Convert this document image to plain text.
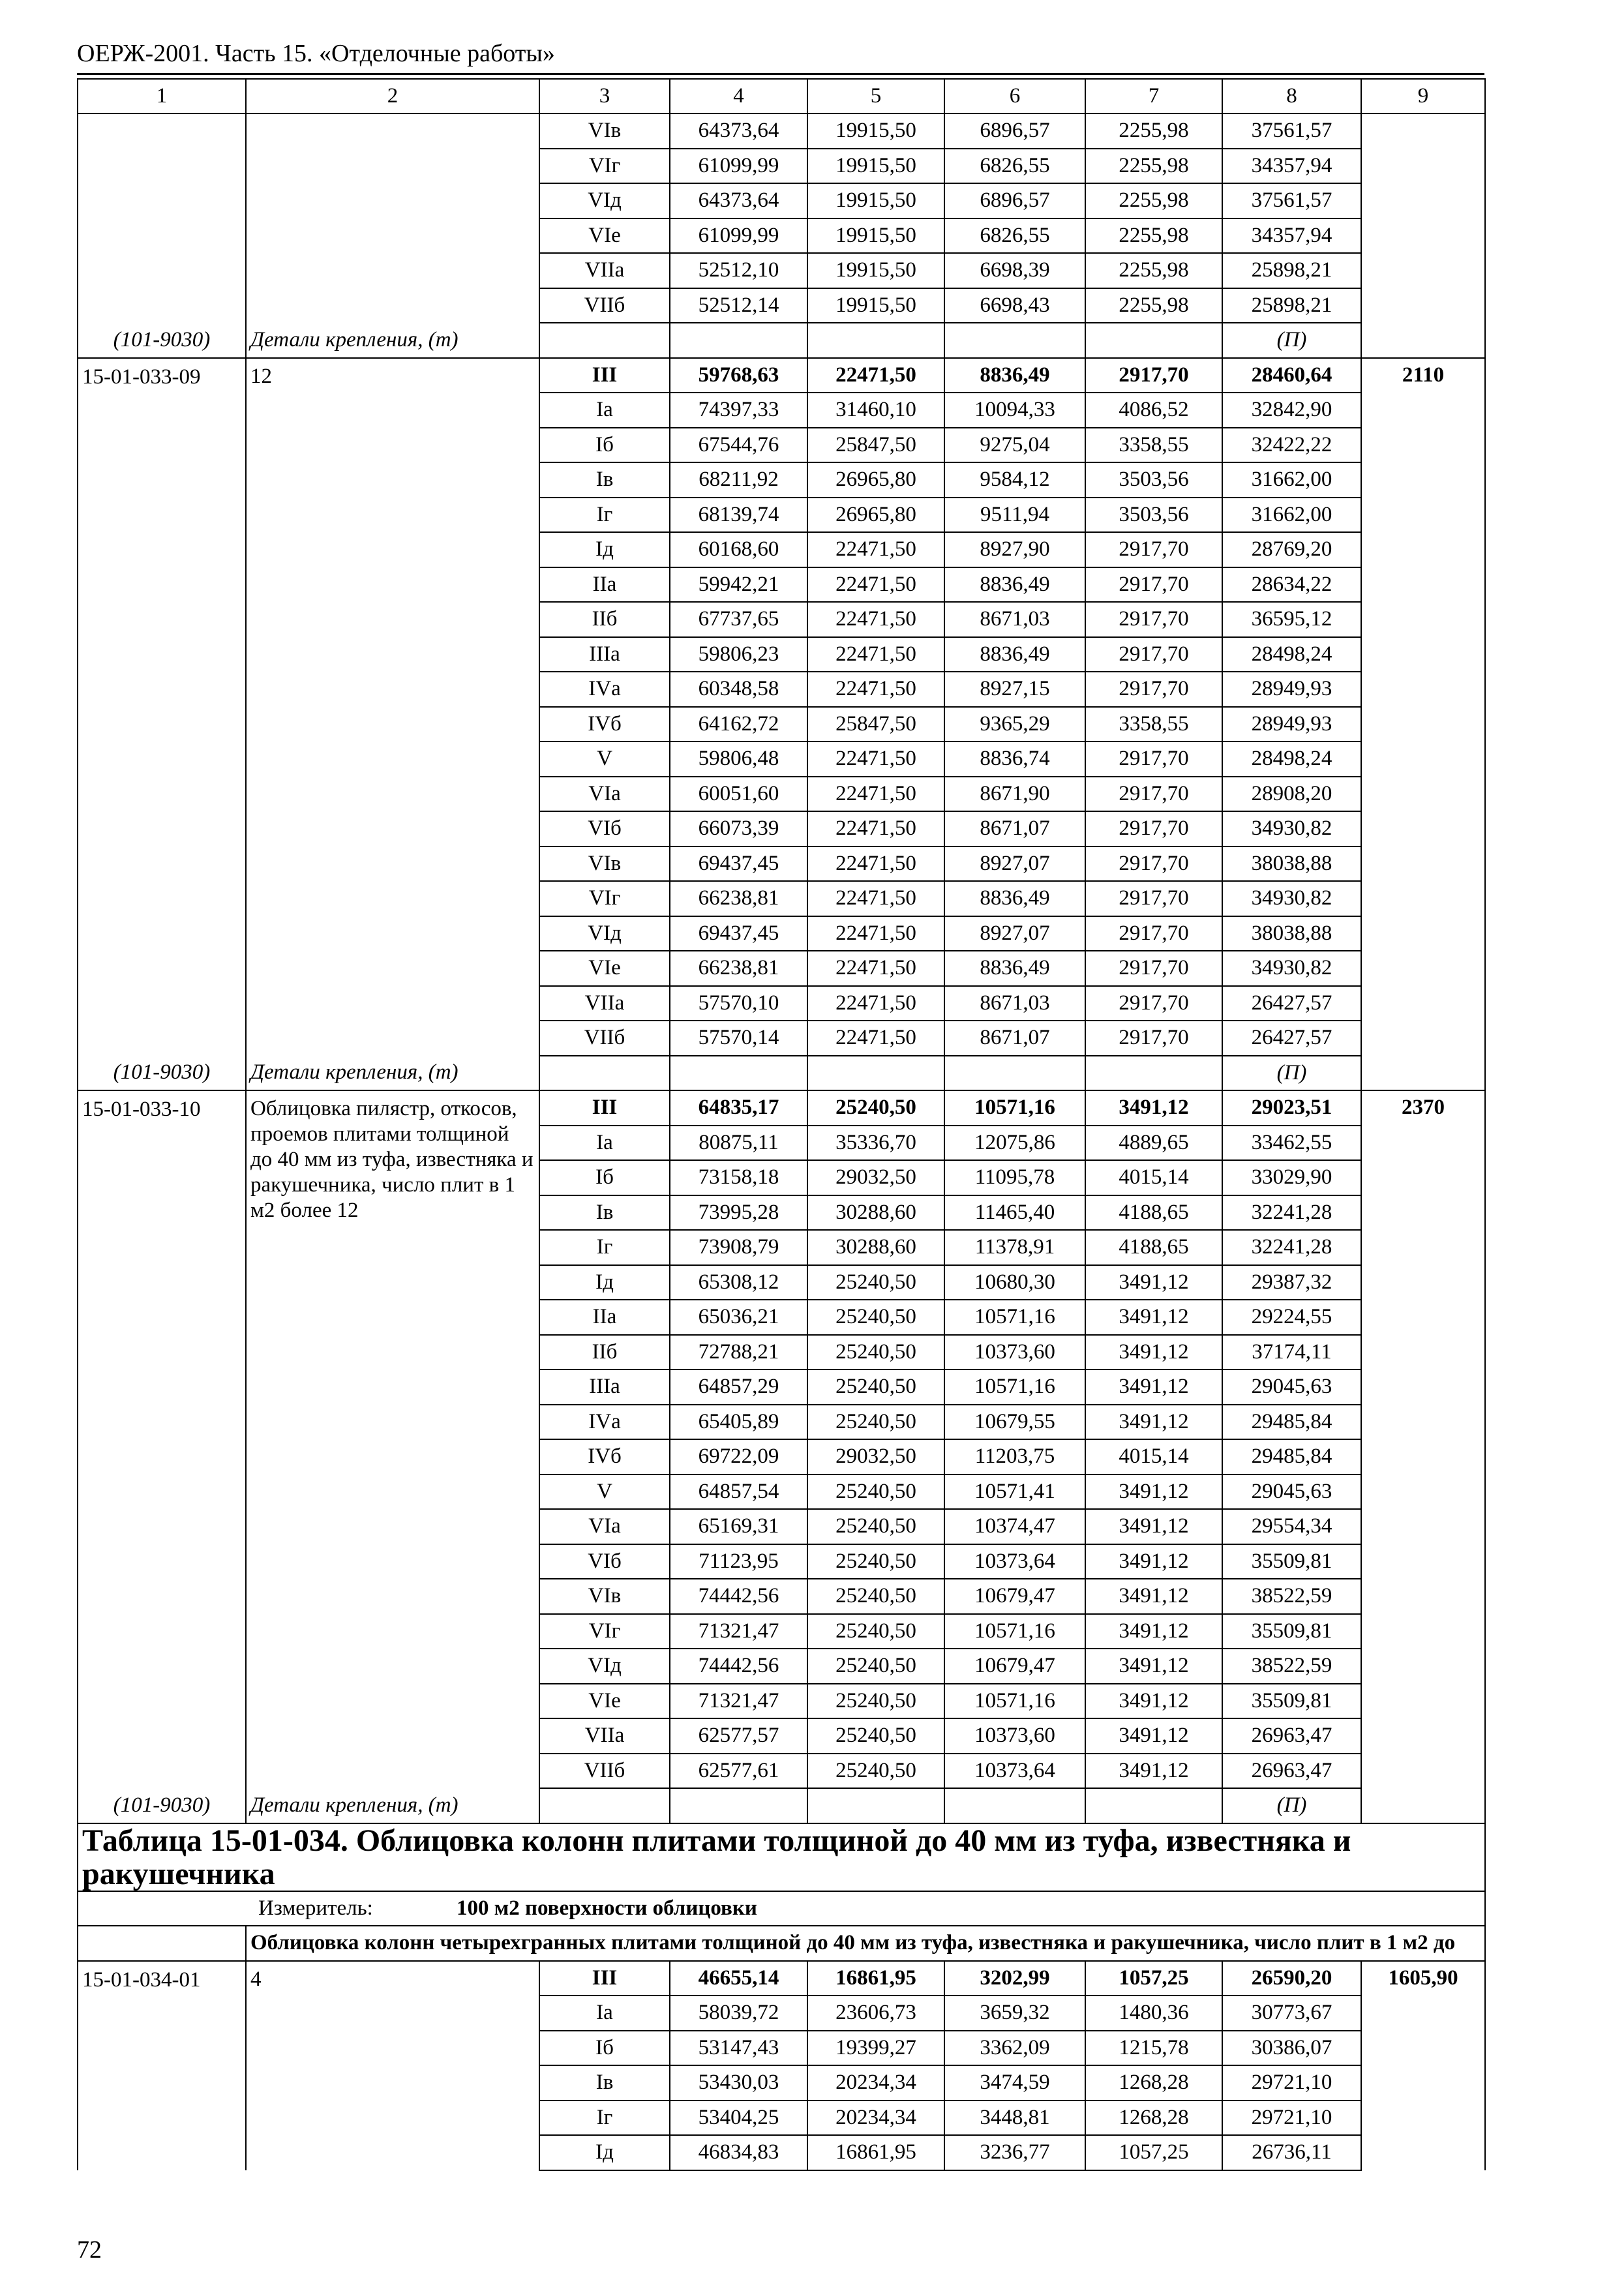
ОЕРЖ-2001. Часть 15. «Отделочные работы»
1	2	3	4	5	6	7	8	9
		VIв	64373,64	19915,50	6896,57	2255,98	37561,57	
		VIг	61099,99	19915,50	6826,55	2255,98	34357,94	
		VIд	64373,64	19915,50	6896,57	2255,98	37561,57	
		VIе	61099,99	19915,50	6826,55	2255,98	34357,94	
		VIIа	52512,10	19915,50	6698,39	2255,98	25898,21	
		VIIб	52512,14	19915,50	6698,43	2255,98	25898,21	
(101-9030)	Детали крепления, (т)						(П)	
15-01-033-09	12	III	59768,63	22471,50	8836,49	2917,70	28460,64	2110
		Iа	74397,33	31460,10	10094,33	4086,52	32842,90	
		Iб	67544,76	25847,50	9275,04	3358,55	32422,22	
		Iв	68211,92	26965,80	9584,12	3503,56	31662,00	
		Iг	68139,74	26965,80	9511,94	3503,56	31662,00	
		Iд	60168,60	22471,50	8927,90	2917,70	28769,20	
		IIа	59942,21	22471,50	8836,49	2917,70	28634,22	
		IIб	67737,65	22471,50	8671,03	2917,70	36595,12	
		IIIа	59806,23	22471,50	8836,49	2917,70	28498,24	
		IVа	60348,58	22471,50	8927,15	2917,70	28949,93	
		IVб	64162,72	25847,50	9365,29	3358,55	28949,93	
		V	59806,48	22471,50	8836,74	2917,70	28498,24	
		VIа	60051,60	22471,50	8671,90	2917,70	28908,20	
		VIб	66073,39	22471,50	8671,07	2917,70	34930,82	
		VIв	69437,45	22471,50	8927,07	2917,70	38038,88	
		VIг	66238,81	22471,50	8836,49	2917,70	34930,82	
		VIд	69437,45	22471,50	8927,07	2917,70	38038,88	
		VIе	66238,81	22471,50	8836,49	2917,70	34930,82	
		VIIа	57570,10	22471,50	8671,03	2917,70	26427,57	
		VIIб	57570,14	22471,50	8671,07	2917,70	26427,57	
(101-9030)	Детали крепления, (т)						(П)	
15-01-033-10	Облицовка пилястр, откосов, проемов плитами толщиной до 40 мм из туфа, известняка и ракушечника, число плит в 1 м2 более 12	III	64835,17	25240,50	10571,16	3491,12	29023,51	2370
		Iа	80875,11	35336,70	12075,86	4889,65	33462,55	
		Iб	73158,18	29032,50	11095,78	4015,14	33029,90	
		Iв	73995,28	30288,60	11465,40	4188,65	32241,28	
		Iг	73908,79	30288,60	11378,91	4188,65	32241,28	
		Iд	65308,12	25240,50	10680,30	3491,12	29387,32	
		IIа	65036,21	25240,50	10571,16	3491,12	29224,55	
		IIб	72788,21	25240,50	10373,60	3491,12	37174,11	
		IIIа	64857,29	25240,50	10571,16	3491,12	29045,63	
		IVа	65405,89	25240,50	10679,55	3491,12	29485,84	
		IVб	69722,09	29032,50	11203,75	4015,14	29485,84	
		V	64857,54	25240,50	10571,41	3491,12	29045,63	
		VIа	65169,31	25240,50	10374,47	3491,12	29554,34	
		VIб	71123,95	25240,50	10373,64	3491,12	35509,81	
		VIв	74442,56	25240,50	10679,47	3491,12	38522,59	
		VIг	71321,47	25240,50	10571,16	3491,12	35509,81	
		VIд	74442,56	25240,50	10679,47	3491,12	38522,59	
		VIе	71321,47	25240,50	10571,16	3491,12	35509,81	
		VIIа	62577,57	25240,50	10373,60	3491,12	26963,47	
		VIIб	62577,61	25240,50	10373,64	3491,12	26963,47	
(101-9030)	Детали крепления, (т)						(П)	
Таблица 15-01-034. Облицовка колонн плитами толщиной до 40 мм из туфа, известняка и ракушечника								

Измеритель: 100 м2 поверхности облицовки								

	Облицовка колонн четырехгранных плитами толщиной до 40 мм из туфа, известняка и ракушечника, число плит в 1 м2 до							
15-01-034-01	4	III	46655,14	16861,95	3202,99	1057,25	26590,20	1605,90
		Iа	58039,72	23606,73	3659,32	1480,36	30773,67	
		Iб	53147,43	19399,27	3362,09	1215,78	30386,07	
		Iв	53430,03	20234,34	3474,59	1268,28	29721,10	
		Iг	53404,25	20234,34	3448,81	1268,28	29721,10	
		Iд	46834,83	16861,95	3236,77	1057,25	26736,11	
72
